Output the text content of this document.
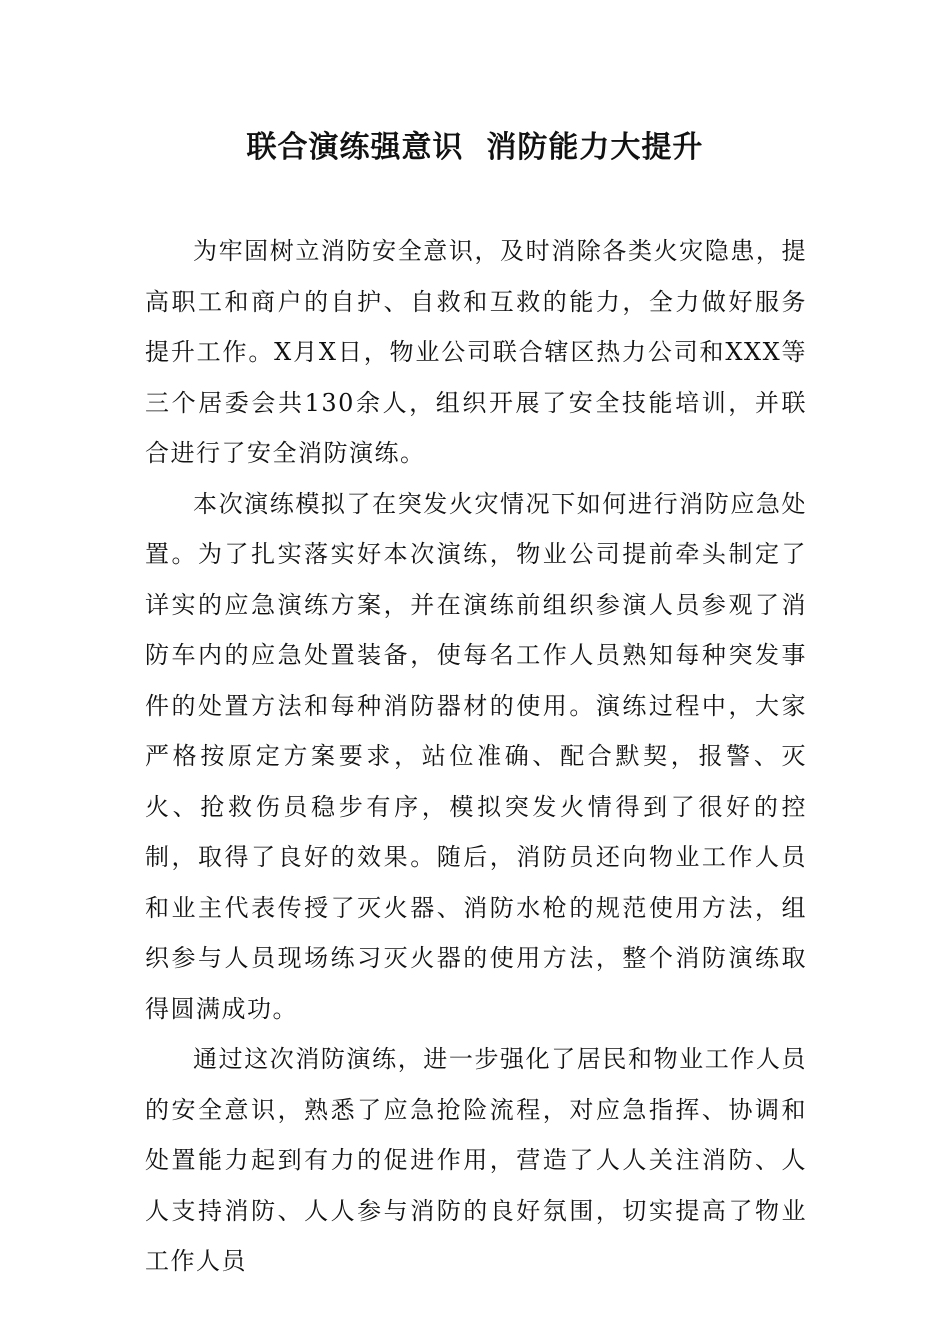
联合演练强意识  消防能力大提升

为牢固树立消防安全意识，及时消除各类火灾隐患，提高职工和商户的自护、自救和互救的能力，全力做好服务提升工作。X月X日，物业公司联合辖区热力公司和XXX等三个居委会共130余人，组织开展了安全技能培训，并联合进行了安全消防演练。

本次演练模拟了在突发火灾情况下如何进行消防应急处置。为了扎实落实好本次演练，物业公司提前牵头制定了详实的应急演练方案，并在演练前组织参演人员参观了消防车内的应急处置装备，使每名工作人员熟知每种突发事件的处置方法和每种消防器材的使用。演练过程中，大家严格按原定方案要求，站位准确、配合默契，报警、灭火、抢救伤员稳步有序，模拟突发火情得到了很好的控制，取得了良好的效果。随后，消防员还向物业工作人员和业主代表传授了灭火器、消防水枪的规范使用方法，组织参与人员现场练习灭火器的使用方法，整个消防演练取得圆满成功。

通过这次消防演练，进一步强化了居民和物业工作人员的安全意识，熟悉了应急抢险流程，对应急指挥、协调和处置能力起到有力的促进作用，营造了人人关注消防、人人支持消防、人人参与消防的良好氛围，切实提高了物业工作人员
